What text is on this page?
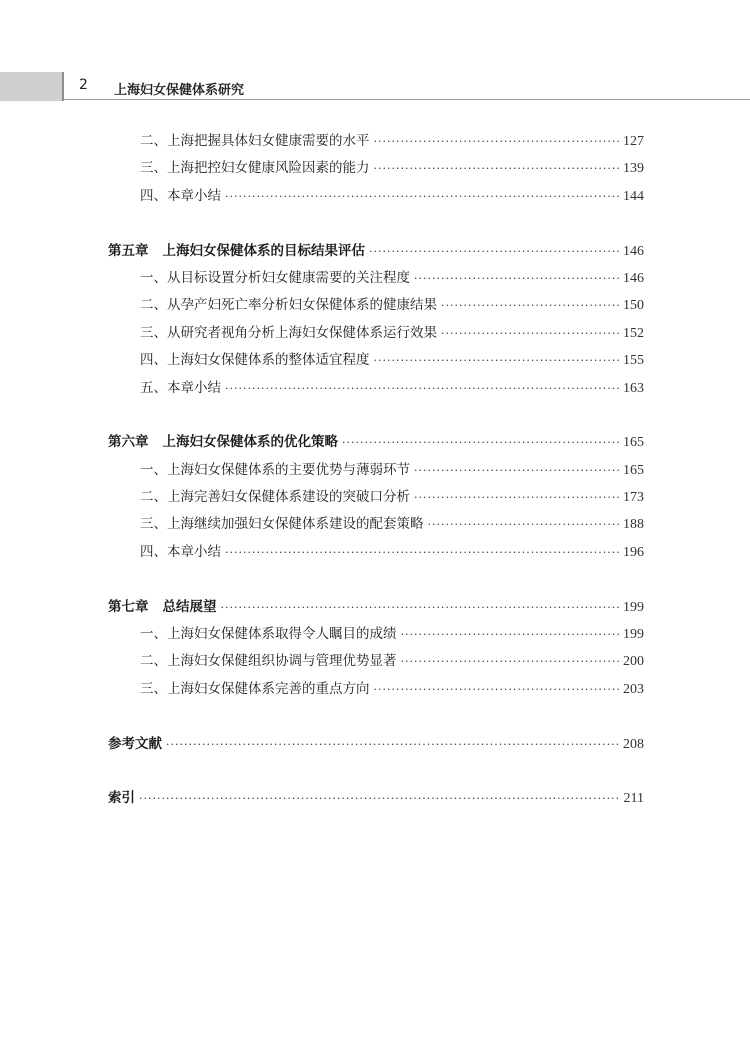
2 上海妇女保健体系研究
二、上海把握具体妇女健康需要的水平 ·····	127
三、上海把控妇女健康风险因素的能力 ·····	139
四、本章小结 ·····	144
第五章 上海妇女保健体系的目标结果评估 ·····	146
一、从目标设置分析妇女健康需要的关注程度 ·····	146
二、从孕产妇死亡率分析妇女保健体系的健康结果 ·····	150
三、从研究者视角分析上海妇女保健体系运行效果 ·····	152
四、上海妇女保健体系的整体适宜程度 ·····	155
五、本章小结 ·····	163
第六章 上海妇女保健体系的优化策略 ·····	165
一、上海妇女保健体系的主要优势与薄弱环节 ·····	165
二、上海完善妇女保健体系建设的突破口分析 ·····	173
三、上海继续加强妇女保健体系建设的配套策略 ·····	188
四、本章小结 ·····	196
第七章 总结展望 ·····	199
一、上海妇女保健体系取得令人瞩目的成绩 ·····	199
二、上海妇女保健组织协调与管理优势显著 ·····	200
三、上海妇女保健体系完善的重点方向 ·····	203
参考文献 ·····	208
索引 ·····	211
